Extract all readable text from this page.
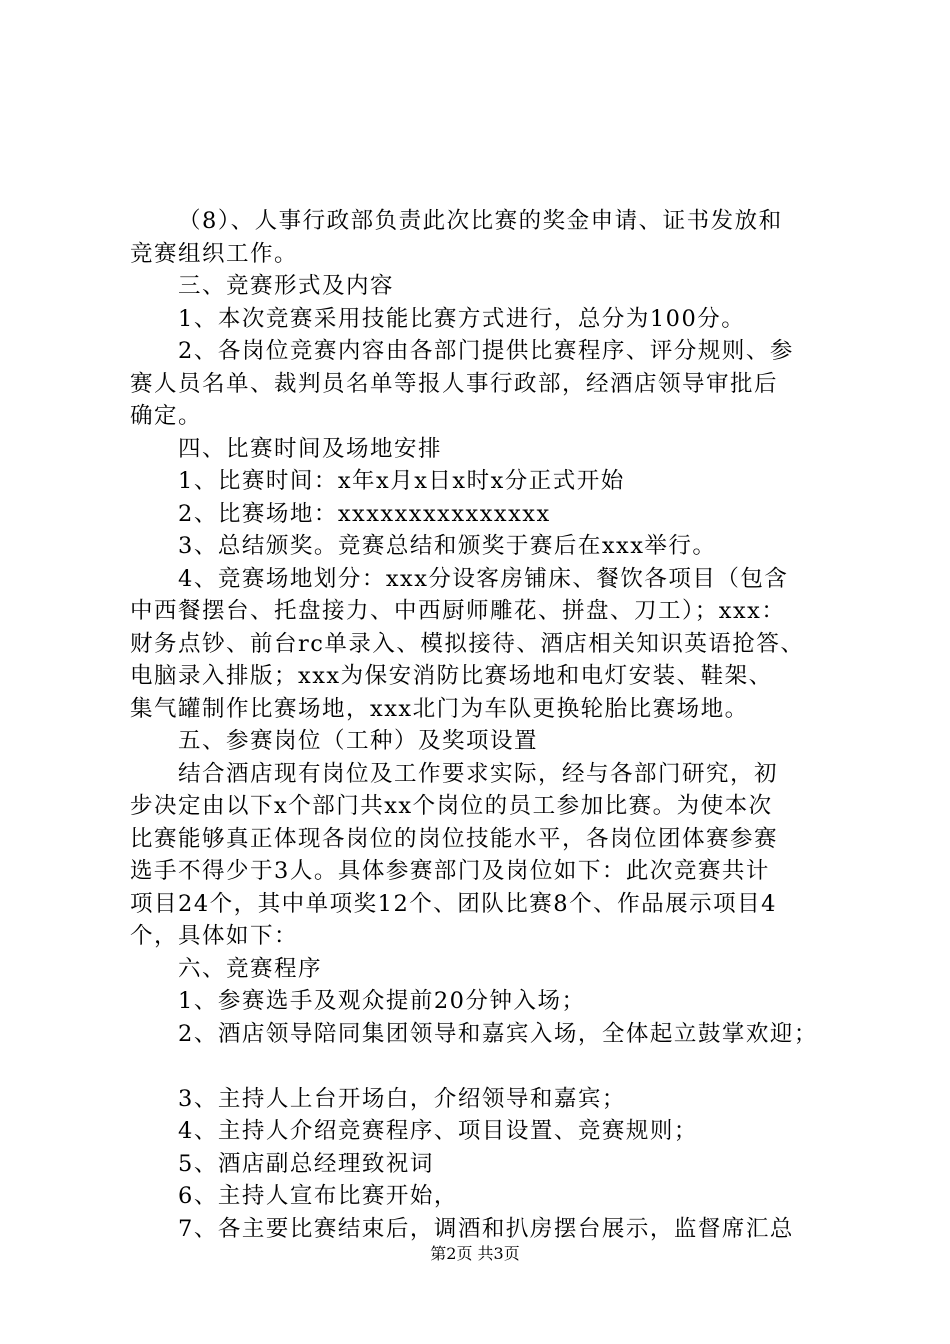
（8）、人事行政部负责此次比赛的奖金申请、证书发放和
竞赛组织工作。
三、竞赛形式及内容
1、本次竞赛采用技能比赛方式进行，总分为100分。
2、各岗位竞赛内容由各部门提供比赛程序、评分规则、参
赛人员名单、裁判员名单等报人事行政部，经酒店领导审批后
确定。
四、比赛时间及场地安排
1、比赛时间：x年x月x日x时x分正式开始
2、比赛场地：xxxxxxxxxxxxxxx
3、总结颁奖。竞赛总结和颁奖于赛后在xxx举行。
4、竞赛场地划分：xxx分设客房铺床、餐饮各项目（包含
中西餐摆台、托盘接力、中西厨师雕花、拼盘、刀工）；xxx：
财务点钞、前台rc单录入、模拟接待、酒店相关知识英语抢答、
电脑录入排版；xxx为保安消防比赛场地和电灯安装、鞋架、
集气罐制作比赛场地，xxx北门为车队更换轮胎比赛场地。
五、参赛岗位（工种）及奖项设置
结合酒店现有岗位及工作要求实际，经与各部门研究，初
步决定由以下x个部门共xx个岗位的员工参加比赛。为使本次
比赛能够真正体现各岗位的岗位技能水平，各岗位团体赛参赛
选手不得少于3人。具体参赛部门及岗位如下：此次竞赛共计
项目24个，其中单项奖12个、团队比赛8个、作品展示项目4
个，具体如下：
六、竞赛程序
1、参赛选手及观众提前20分钟入场；
2、酒店领导陪同集团领导和嘉宾入场，全体起立鼓掌欢迎；
3、主持人上台开场白，介绍领导和嘉宾；
4、主持人介绍竞赛程序、项目设置、竞赛规则；
5、酒店副总经理致祝词
6、主持人宣布比赛开始，
7、各主要比赛结束后，调酒和扒房摆台展示，监督席汇总
第2页 共3页
